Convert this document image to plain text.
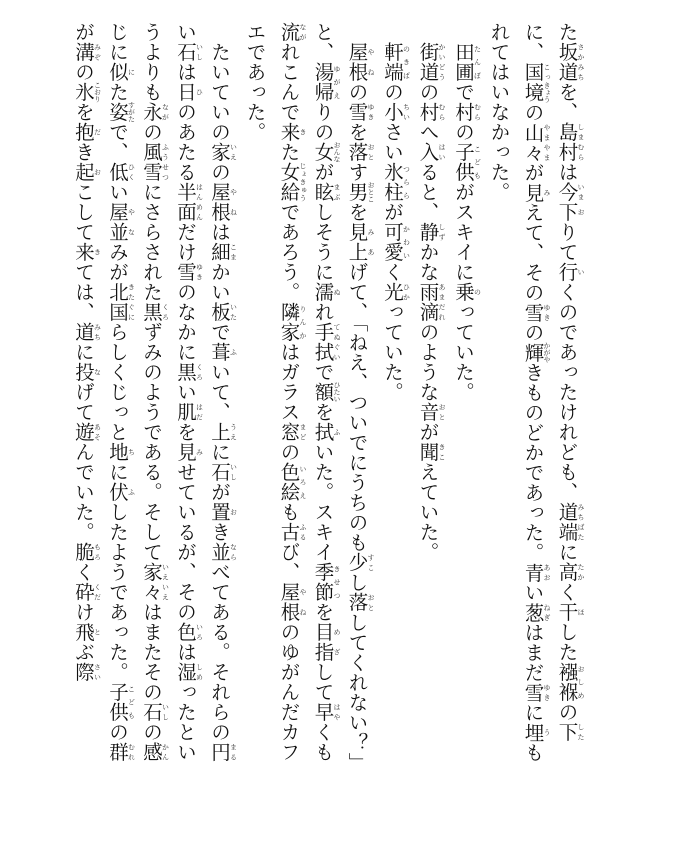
た坂道さかみちを、島村しまむらは今いま下おりて行いくのであったけれども、道端みちばたに高たかく干ほした襁褓おしめの下したに、国こっ境きょうの山々やまやまが見みえて、その雪ゆきの輝かがやきものどかであった。青あおい葱ねぎはまだ雪ゆきに埋うもれてはいなかった。

田圃たんぼで村むらの子供こどもがスキイに乗のっていた。

街道かいどうの村むらへ入はいると、静しずかな雨滴あまだれのような音おとが聞きこえていた。

軒端のきばの小ちいさい氷柱つららが可愛かわいく光ひかっていた。

屋根やねの雪ゆきを落おとす男おとこを見上みあげて、「ねえ、ついでにうちのも少すこし落おとしてくれない？」と、湯帰ゆがえりの女おんなが眩まぶしそうに濡ぬれ手拭てぬぐいで額ひたいを拭ふいた。スキイ季節きせつを目指めざして早はやくも流ながれこんで来きた女給じょきゅうであろう。隣家りんかはガラス窓まどの色絵いろえも古ふるび、屋根やねのゆがんだカフエであった。

たいていの家いえの屋根やねは細こまかい板いたで葺ふいて、上うえに石いしが置おき並ならべてある。それらの円まるい石いしは日ひのあたる半面はんめんだけ雪ゆきのなかに黒くろい肌はだを見みせているが、その色いろは湿しめったというよりも永ながの風雪ふうせつにさらされた黒くろずみのようである。そして家々いえいえはまたその石いしの感かんじに似にた姿すがたで、低ひくい屋並やなみが北国きたぐにらしくじっと地ちに伏ふしたようであった。子供こどもの群むれが溝みぞの氷こおりを抱だき起おこして来きては、道みちに投なげて遊あそんでいた。脆もろく砕くだけ飛とぶ際さい
